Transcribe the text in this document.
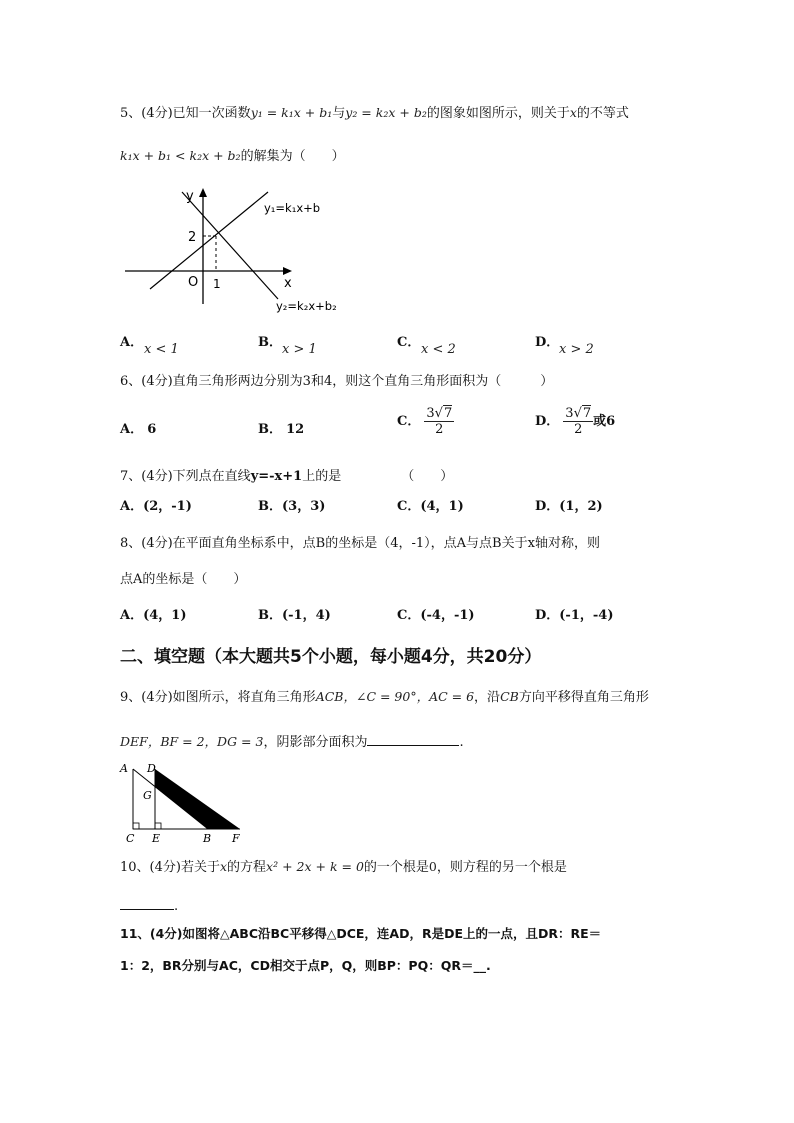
5、(4分)已知一次函数y₁ = k₁x + b₁与y₂ = k₂x + b₂的图象如图所示，则关于x的不等式
k₁x + b₁ < k₂x + b₂的解集为（　　）
y
x
O 1
2
y₁=k₁x+b
y₂=k₂x+b₂
A． x < 1	B． x > 1	C． x < 2	D． x > 2
6、(4分)直角三角形两边分别为3和4，则这个直角三角形面积为（　　　）
A． 6	B． 12
C． $\frac{3√7}{2}$	D． $\frac{3√7}{2}$ 或6
7、(4分)下列点在直线y=-x+1上的是	（　　）
A．(2，-1)	B．(3，3)	C．(4，1)	D．(1，2)
8、(4分)在平面直角坐标系中，点B的坐标是（4，-1），点A与点B关于x轴对称，则
点A的坐标是（　　）
A．(4，1)	B．(-1，4)	C．(-4，-1)	D．(-1，-4)
二、填空题（本大题共5个小题，每小题4分，共20分）
9、(4分)如图所示，将直角三角形ACB，∠C = 90°，AC = 6，沿CB方向平移得直角三角形
DEF，BF = 2，DG = 3，阴影部分面积为	.
A D
G
C E	B F
10、(4分)若关于x的方程x² + 2x + k = 0的一个根是0，则方程的另一个根是
.
11、(4分)如图将△ABC沿BC平移得△DCE，连AD，R是DE上的一点，且DR：RE＝
1：2，BR分别与AC，CD相交于点P，Q，则BP：PQ：QR＝__.
